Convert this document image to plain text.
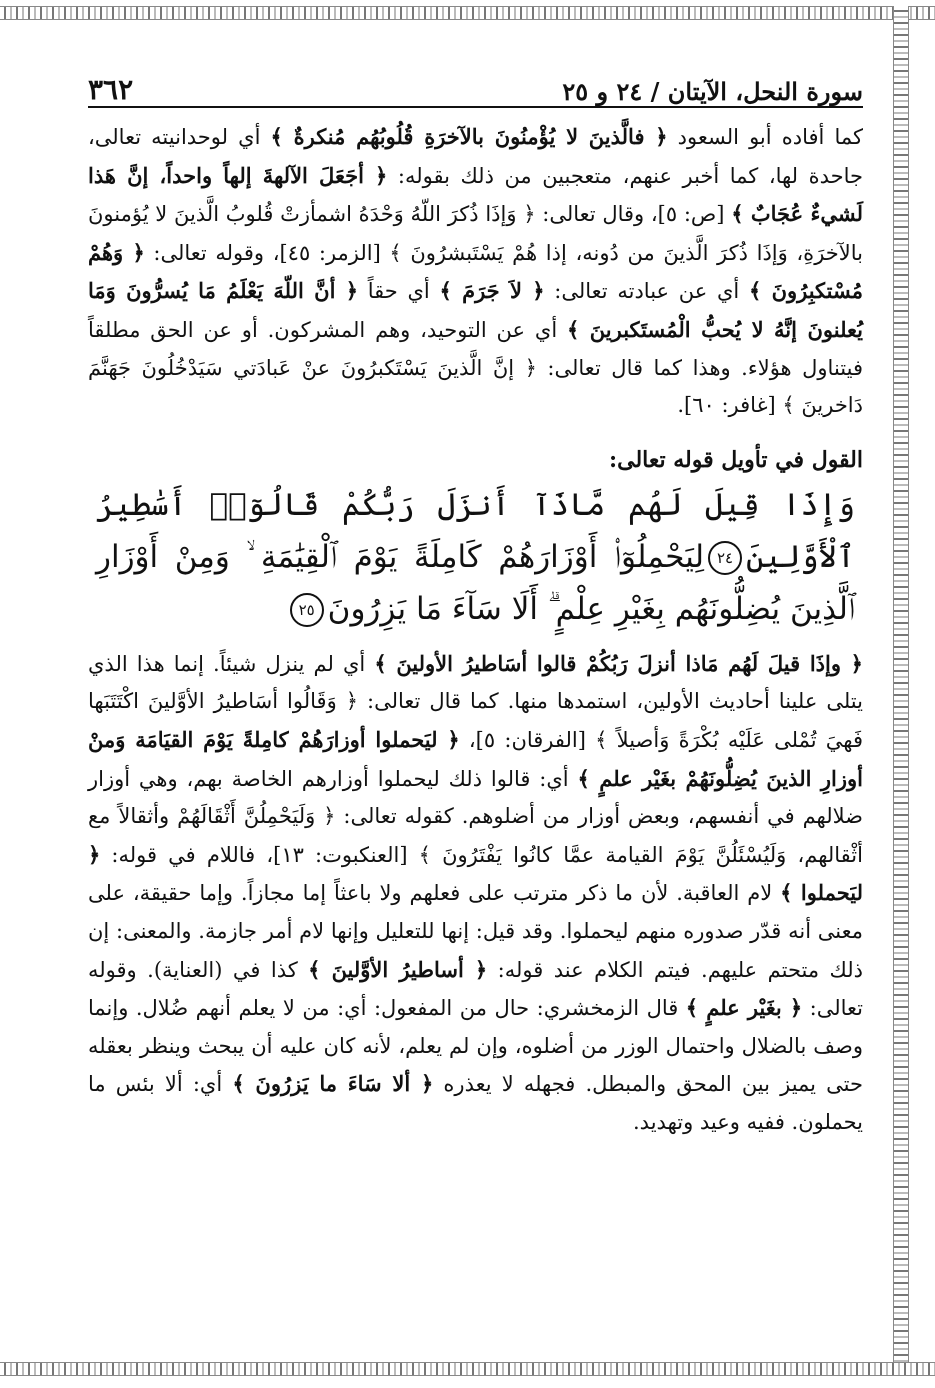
سورة النحل، الآيتان / ٢٤ و ٢٥
٣٦٢

كما أفاده أبو السعود ﴿ فالَّذينَ لا يُؤْمنُونَ بالآخرَةِ قُلُوبُهُم مُنكرةٌ ﴾ أي لوحدانيته تعالى، جاحدة لها، كما أخبر عنهم، متعجبين من ذلك بقوله: ﴿ أجَعَلَ الآلهةَ إلهاً واحداً، إنَّ هَذا لَشيءٌ عُجَابٌ ﴾ [ص: ٥]، وقال تعالى: ﴿ وَإذَا ذُكرَ اللّهُ وَحْدَهُ اشمأزتْ قُلوبُ الَّذينَ لا يُؤمنونَ بالآخرَةِ، وَإذَا ذُكرَ الَّذينَ من دُونه، إذا هُمْ يَسْتَبشرُونَ ﴾ [الزمر: ٤٥]، وقوله تعالى: ﴿ وَهُمْ مُسْتكبِرُونَ ﴾ أي عن عبادته تعالى: ﴿ لاَ جَرَمَ ﴾ أي حقاً ﴿ أنَّ اللّهَ يَعْلَمُ مَا يُسرُّونَ وَمَا يُعلنونَ إنَّهُ لا يُحبُّ الْمُستَكبرينَ ﴾ أي عن التوحيد، وهم المشركون. أو عن الحق مطلقاً فيتناول هؤلاء. وهذا كما قال تعالى: ﴿ إنَّ الَّذينَ يَسْتَكبرُونَ عنْ عَبادَتي سَيَدْخُلُونَ جَهَنَّمَ دَاخرينَ ﴾ [غافر: ٦٠].

القول في تأويل قوله تعالى:
وَإِذَا قِيلَ لَهُم مَّاذَآ أَنزَلَ رَبُّكُمْ قَالُوٓا۟ أَسَٰطِيرُ ٱلْأَوَّلِينَ٢٤لِيَحْمِلُوٓا۟ أَوْزَارَهُمْ كَامِلَةً يَوْمَ ٱلْقِيَٰمَةِ ۙ وَمِنْ أَوْزَارِ ٱلَّذِينَ يُضِلُّونَهُم بِغَيْرِ عِلْمٍ ۗ أَلَا سَآءَ مَا يَزِرُونَ٢٥

﴿ وإذَا قيلَ لَهُم مَاذا أنزلَ رَبُكُمْ قالوا أسَاطيرُ الأولينَ ﴾ أي لم ينزل شيئاً. إنما هذا الذي يتلى علينا أحاديث الأولين، استمدها منها. كما قال تعالى: ﴿ وَقَالُوا أسَاطيرُ الأوَّلينَ اكْتَتَبَها فَهيَ تُمْلى عَلَيْه بُكْرَةً وَأصيلاً ﴾ [الفرقان: ٥]، ﴿ ليَحملوا أوزارَهُمْ كامِلةً يَوْمَ القيَامَة وَمنْ أوزارِ الذينَ يُضِلُّونَهُمْ بغَيْر علمٍ ﴾ أي: قالوا ذلك ليحملوا أوزارهم الخاصة بهم، وهي أوزار ضلالهم في أنفسهم، وبعض أوزار من أضلوهم. كقوله تعالى: ﴿ وَلَيَحْمِلُنَّ أَثْقَالَهُمْ وأثقالاً مع أثْقالهم، وَلَيُسْئَلُنَّ يَوْمَ القيامة عمَّا كانُوا يَفْتَرُونَ ﴾ [العنكبوت: ١٣]، فاللام في قوله: ﴿ ليَحملوا ﴾ لام العاقبة. لأن ما ذكر مترتب على فعلهم ولا باعثاً إما مجازاً. وإما حقيقة، على معنى أنه قدّر صدوره منهم ليحملوا. وقد قيل: إنها للتعليل وإنها لام أمر جازمة. والمعنى: إن ذلك متحتم عليهم. فيتم الكلام عند قوله: ﴿ أساطيرُ الأوَّلينَ ﴾ كذا في (العناية). وقوله تعالى: ﴿ بغَيْر علمٍ ﴾ قال الزمخشري: حال من المفعول: أي: من لا يعلم أنهم ضُلال. وإنما وصف بالضلال واحتمال الوزر من أضلوه، وإن لم يعلم، لأنه كان عليه أن يبحث وينظر بعقله حتى يميز بين المحق والمبطل. فجهله لا يعذره ﴿ ألا سَاءَ ما يَزرُونَ ﴾ أي: ألا بئس ما يحملون. ففيه وعيد وتهديد.
